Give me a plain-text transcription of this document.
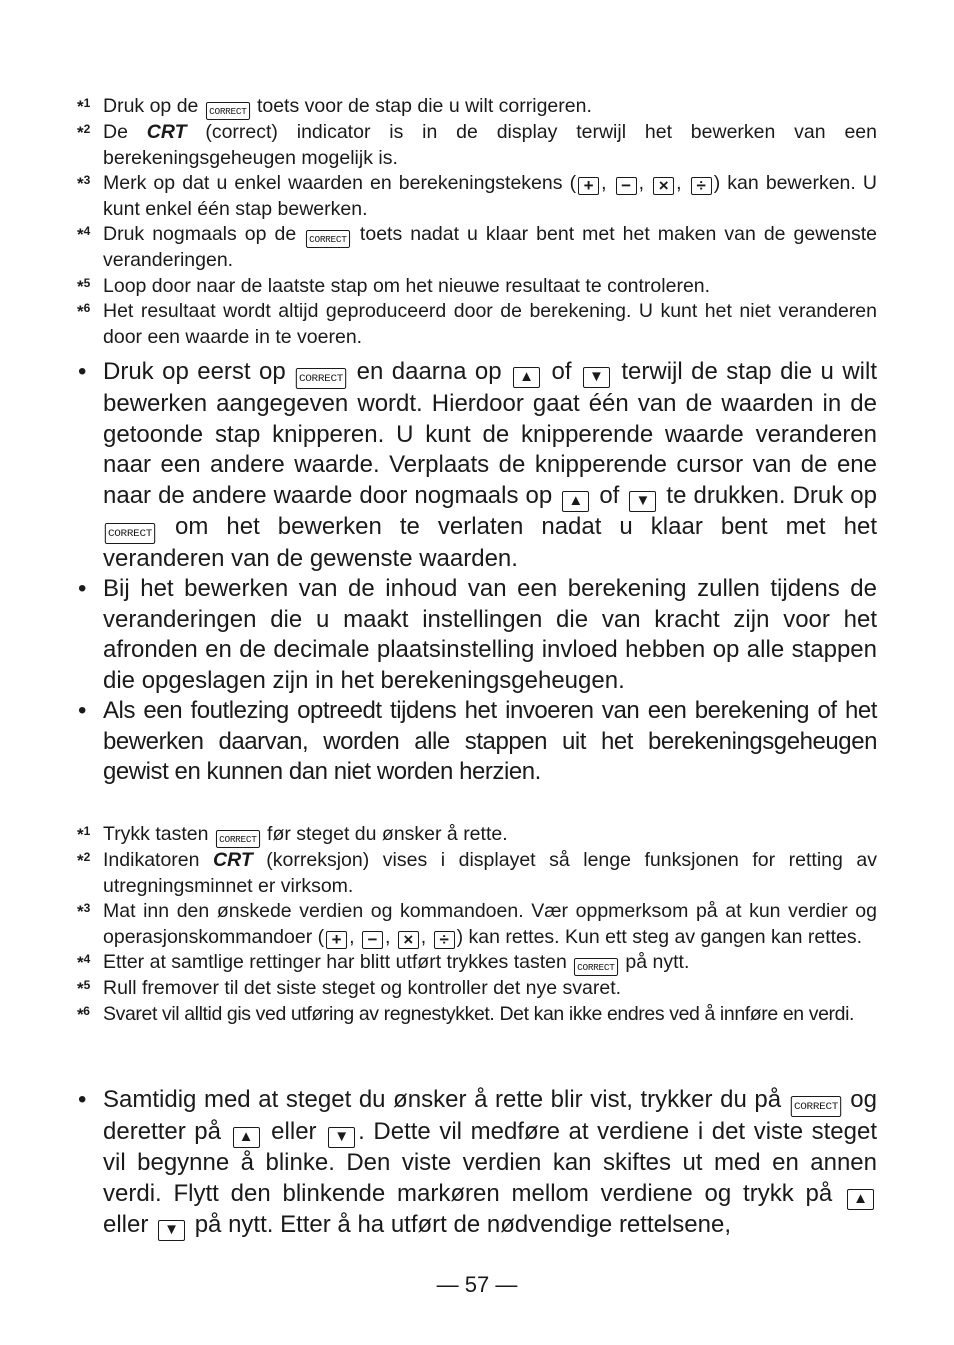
*$^1$ Druk op de CORRECT toets voor de stap die u wilt corrigeren.
*$^2$ De CRT (correct) indicator is in de display terwijl het bewerken van een berekeningsgeheugen mogelijk is.
*$^3$ Merk op dat u enkel waarden en berekeningstekens ( + , − , × , ÷ ) kan bewerken. U kunt enkel één stap bewerken.
*$^4$ Druk nogmaals op de CORRECT toets nadat u klaar bent met het maken van de gewenste veranderingen.
*$^5$ Loop door naar de laatste stap om het nieuwe resultaat te controleren.
*$^6$ Het resultaat wordt altijd geproduceerd door de berekening. U kunt het niet veranderen door een waarde in te voeren.
• Druk op eerst op CORRECT en daarna op ▲ of ▼ terwijl de stap die u wilt bewerken aangegeven wordt. Hierdoor gaat één van de waarden in de getoonde stap knipperen. U kunt de knipperende waarde veranderen naar een andere waarde. Verplaats de knipperende cursor van de ene naar de andere waarde door nogmaals op ▲ of ▼ te drukken. Druk op CORRECT om het bewerken te verlaten nadat u klaar bent met het veranderen van de gewenste waarden.
• Bij het bewerken van de inhoud van een berekening zullen tijdens de veranderingen die u maakt instellingen die van kracht zijn voor het afronden en de decimale plaatsinstelling invloed hebben op alle stappen die opgeslagen zijn in het berekeningsgeheugen.
• Als een foutlezing optreedt tijdens het invoeren van een berekening of het bewerken daarvan, worden alle stappen uit het berekeningsgeheugen gewist en kunnen dan niet worden herzien.
*$^1$ Trykk tasten CORRECT før steget du ønsker å rette.
*$^2$ Indikatoren CRT (korreksjon) vises i displayet så lenge funksjonen for retting av utregningsminnet er virksom.
*$^3$ Mat inn den ønskede verdien og kommandoen. Vær oppmerksom på at kun verdier og operasjonskommandoer ( + , − , × , ÷ ) kan rettes. Kun ett steg av gangen kan rettes.
*$^4$ Etter at samtlige rettinger har blitt utført trykkes tasten CORRECT på nytt.
*$^5$ Rull fremover til det siste steget og kontroller det nye svaret.
*$^6$ Svaret vil alltid gis ved utføring av regnestykket. Det kan ikke endres ved å innføre en verdi.
• Samtidig med at steget du ønsker å rette blir vist, trykker du på CORRECT og deretter på ▲ eller ▼ . Dette vil medføre at verdiene i det viste steget vil begynne å blinke. Den viste verdien kan skiftes ut med en annen verdi. Flytt den blinkende markøren mellom verdiene og trykk på ▲ eller ▼ på nytt. Etter å ha utført de nødvendige rettelsene,
— 57 —
